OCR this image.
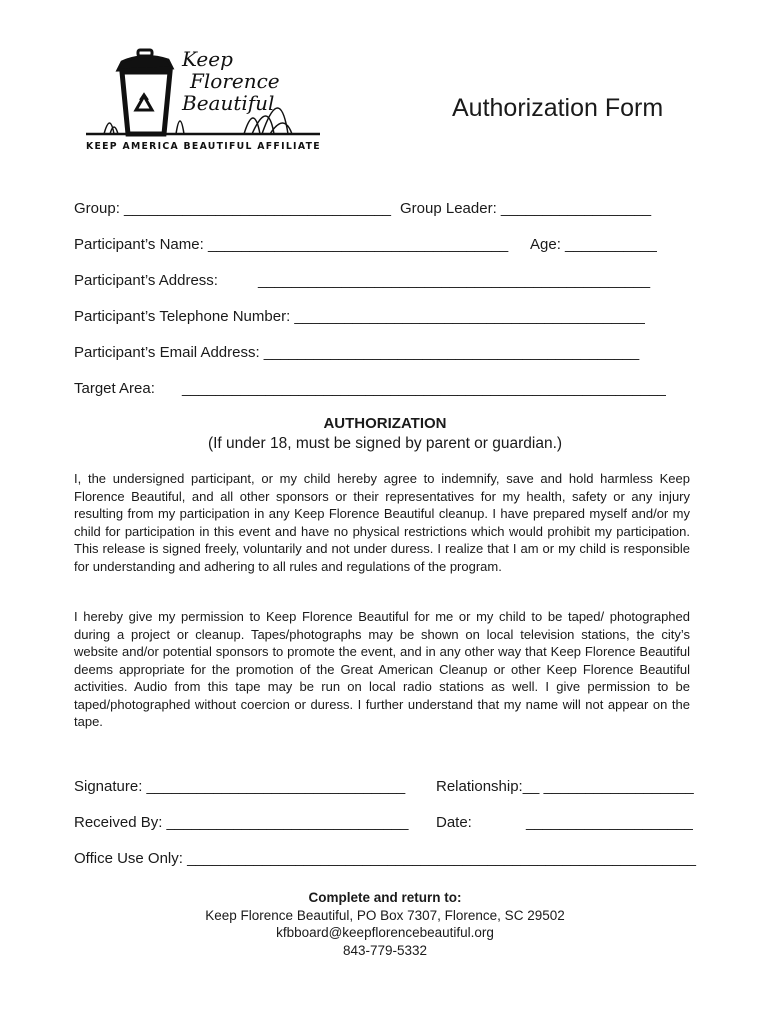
Keep
Florence
Beautiful
KEEP AMERICA BEAUTIFUL AFFILIATE
Authorization Form
Group: ________________________________ Group Leader: __________________
Participant’s Name: ____________________________________ Age: ___________
Participant’s Address:	_______________________________________________
Participant’s Telephone Number: __________________________________________
Participant’s Email Address: _____________________________________________
Target Area: __________________________________________________________
AUTHORIZATION
(If under 18, must be signed by parent or guardian.)
I, the undersigned participant, or my child hereby agree to indemnify, save and hold harmless Keep Florence Beautiful, and all other sponsors or their representatives for my health, safety or any injury resulting from my participation in any Keep Florence Beautiful cleanup. I have prepared myself and/or my child for participation in this event and have no physical restrictions which would prohibit my participation. This release is signed freely, voluntarily and not under duress. I realize that I am or my child is responsible for understanding and adhering to all rules and regulations of the program.
I hereby give my permission to Keep Florence Beautiful for me or my child to be taped/ photographed during a project or cleanup. Tapes/photographs may be shown on local television stations, the city’s website and/or potential sponsors to promote the event, and in any other way that Keep Florence Beautiful deems appropriate for the promotion of the Great American Cleanup or other Keep Florence Beautiful activities. Audio from this tape may be run on local radio stations as well. I give permission to be taped/photographed without coercion or duress. I further understand that my name will not appear on the tape.
Signature: _______________________________ Relationship:__ __________________
Received By: _____________________________ Date:	____________________
Office Use Only: _____________________________________________________________
Complete and return to:
Keep Florence Beautiful, PO Box 7307, Florence, SC 29502
kfbboard@keepflorencebeautiful.org
843-779-5332
